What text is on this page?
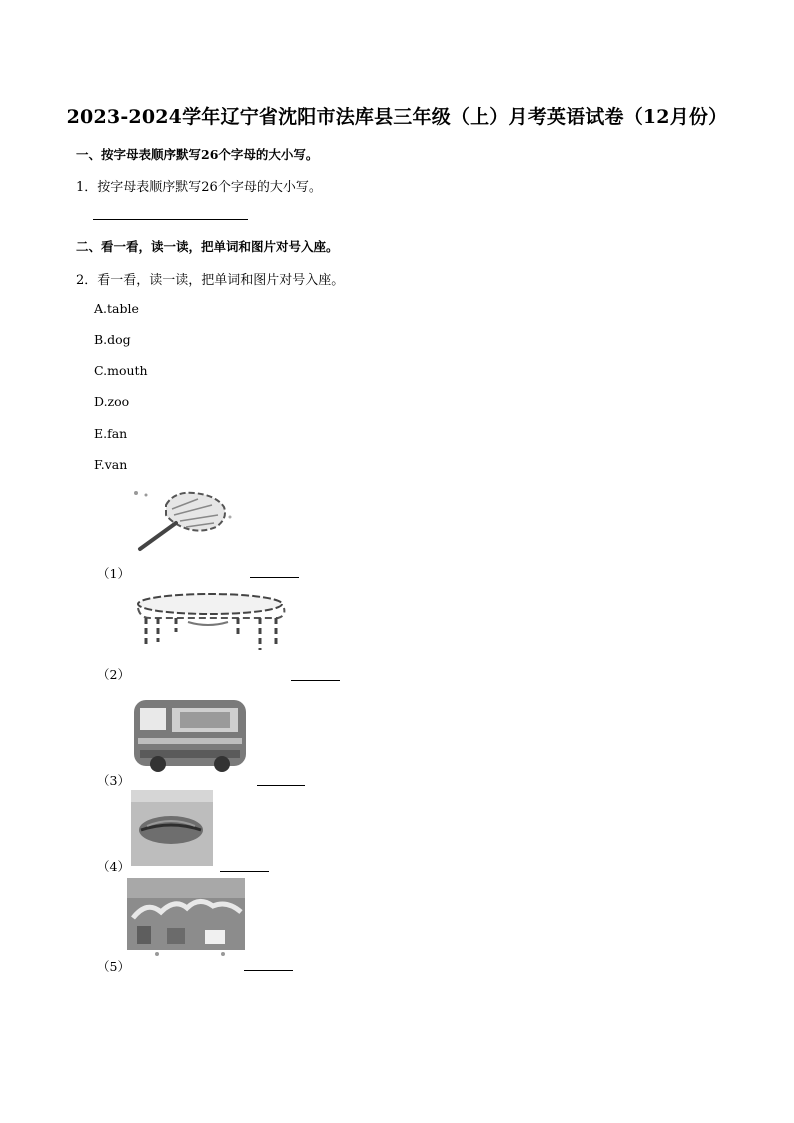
2023-2024学年辽宁省沈阳市法库县三年级（上）月考英语试卷（12月份）
一、按字母表顺序默写26个字母的大小写。
1．按字母表顺序默写26个字母的大小写。
二、看一看，读一读，把单词和图片对号入座。
2．看一看，读一读，把单词和图片对号入座。
A.table
B.dog
C.mouth
D.zoo
E.fan
F.van
（1）
（2）
（3）
（4）
（5）
